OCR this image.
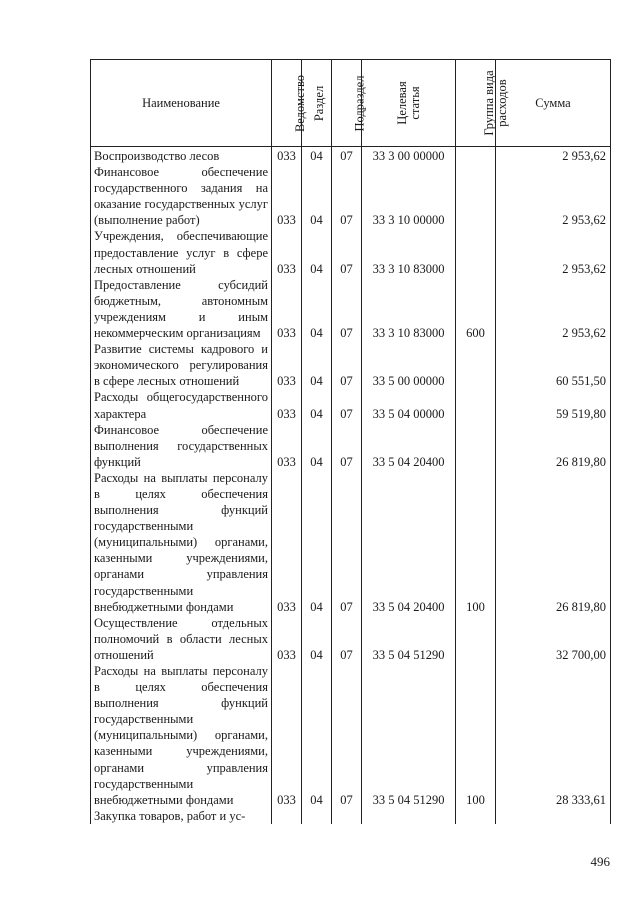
Наименование	Ведомство	Раздел	Подраздел	Целевая статья	Группа вида расходов	Сумма
Воспроизводство лесов	033	04	07	33 3 00 00000		2 953,62
Финансовое обеспечение государственного задания на оказание государственных услуг (выполнение работ)	033	04	07	33 3 10 00000		2 953,62
Учреждения, обеспечивающие предоставление услуг в сфере лесных отношений	033	04	07	33 3 10 83000		2 953,62
Предоставление субсидий бюджетным, автономным учреждениям и иным некоммерческим организациям	033	04	07	33 3 10 83000	600	2 953,62
Развитие системы кадрового и экономического регулирования в сфере лесных отношений	033	04	07	33 5 00 00000		60 551,50
Расходы общегосударственного характера	033	04	07	33 5 04 00000		59 519,80
Финансовое обеспечение выполнения государственных функций	033	04	07	33 5 04 20400		26 819,80
Расходы на выплаты персоналу в целях обеспечения выполнения функций государственными (муниципальными) органами, казенными учреждениями, органами управления государственными внебюджетными фондами	033	04	07	33 5 04 20400	100	26 819,80
Осуществление отдельных полномочий в области лесных отношений	033	04	07	33 5 04 51290		32 700,00
Расходы на выплаты персоналу в целях обеспечения выполнения функций государственными (муниципальными) органами, казенными учреждениями, органами управления государственными внебюджетными фондами	033	04	07	33 5 04 51290	100	28 333,61
Закупка товаров, работ и ус-						
496
